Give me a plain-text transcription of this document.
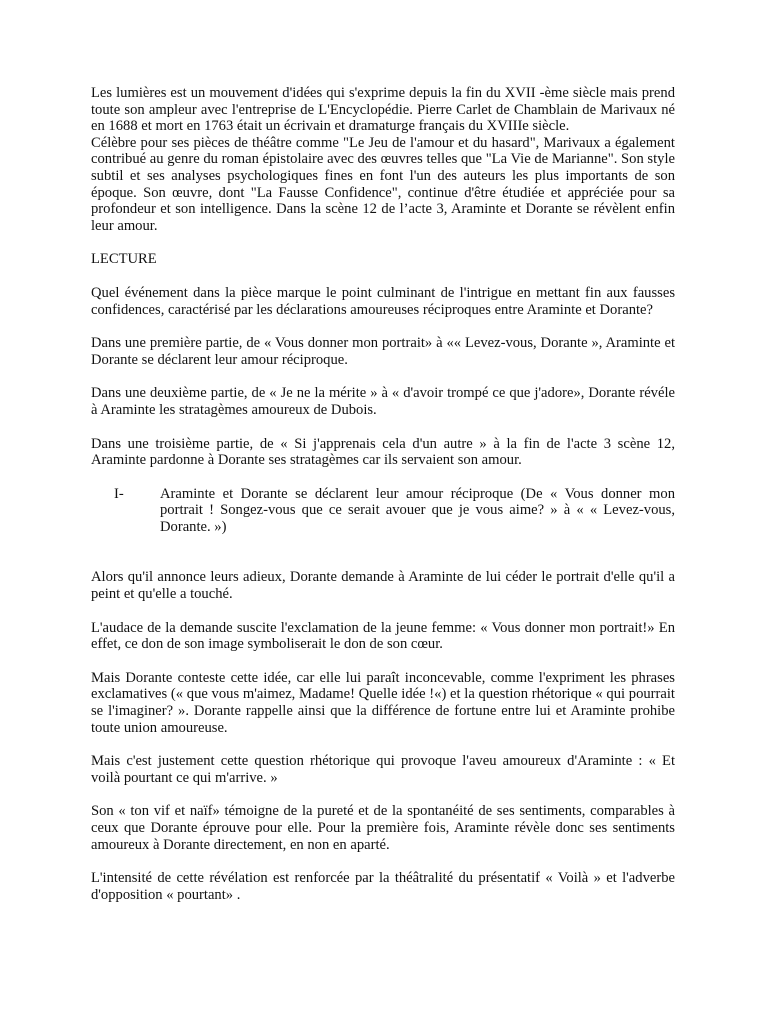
Les lumières est un mouvement d'idées qui s'exprime depuis la fin du XVII -ème siècle mais prend toute son ampleur avec l'entreprise de L'Encyclopédie. Pierre Carlet de Chamblain de Marivaux né en 1688 et mort en 1763 était un écrivain et dramaturge français du XVIIIe siècle.

Célèbre pour ses pièces de théâtre comme "Le Jeu de l'amour et du hasard", Marivaux a également contribué au genre du roman épistolaire avec des œuvres telles que "La Vie de Marianne". Son style subtil et ses analyses psychologiques fines en font l'un des auteurs les plus importants de son époque. Son œuvre, dont "La Fausse Confidence", continue d'être étudiée et appréciée pour sa profondeur et son intelligence. Dans la scène 12 de l’acte 3, Araminte et Dorante se révèlent enfin leur amour.

LECTURE

Quel événement dans la pièce marque le point culminant de l'intrigue en mettant fin aux fausses confidences, caractérisé par les déclarations amoureuses réciproques entre Araminte et Dorante?

Dans une première partie, de « Vous donner mon portrait» à «« Levez-vous, Dorante », Araminte et Dorante se déclarent leur amour réciproque.

Dans une deuxième partie, de « Je ne la mérite » à « d'avoir trompé ce que j'adore», Dorante révéle à Araminte les stratagèmes amoureux de Dubois.

Dans une troisième partie, de « Si j'apprenais cela d'un autre » à la fin de l'acte 3 scène 12, Araminte pardonne à Dorante ses stratagèmes car ils servaient son amour.

I-	Araminte et Dorante se déclarent leur amour réciproque (De « Vous donner mon portrait ! Songez-vous que ce serait avouer que je vous aime? » à « « Levez-vous, Dorante. »)

Alors qu'il annonce leurs adieux, Dorante demande à Araminte de lui céder le portrait d'elle qu'il a peint et qu'elle a touché.

L'audace de la demande suscite l'exclamation de la jeune femme: « Vous donner mon portrait!» En effet, ce don de son image symboliserait le don de son cœur.

Mais Dorante conteste cette idée, car elle lui paraît inconcevable, comme l'expriment les phrases exclamatives (« que vous m'aimez, Madame! Quelle idée !«) et la question rhétorique « qui pourrait se l'imaginer? ». Dorante rappelle ainsi que la différence de fortune entre lui et Araminte prohibe toute union amoureuse.

Mais c'est justement cette question rhétorique qui provoque l'aveu amoureux d'Araminte : « Et voilà pourtant ce qui m'arrive. »

Son « ton vif et naïf» témoigne de la pureté et de la spontanéité de ses sentiments, comparables à ceux que Dorante éprouve pour elle. Pour la première fois, Araminte révèle donc ses sentiments amoureux à Dorante directement, en non en aparté.

L'intensité de cette révélation est renforcée par la théâtralité du présentatif « Voilà » et l'adverbe d'opposition « pourtant» .
